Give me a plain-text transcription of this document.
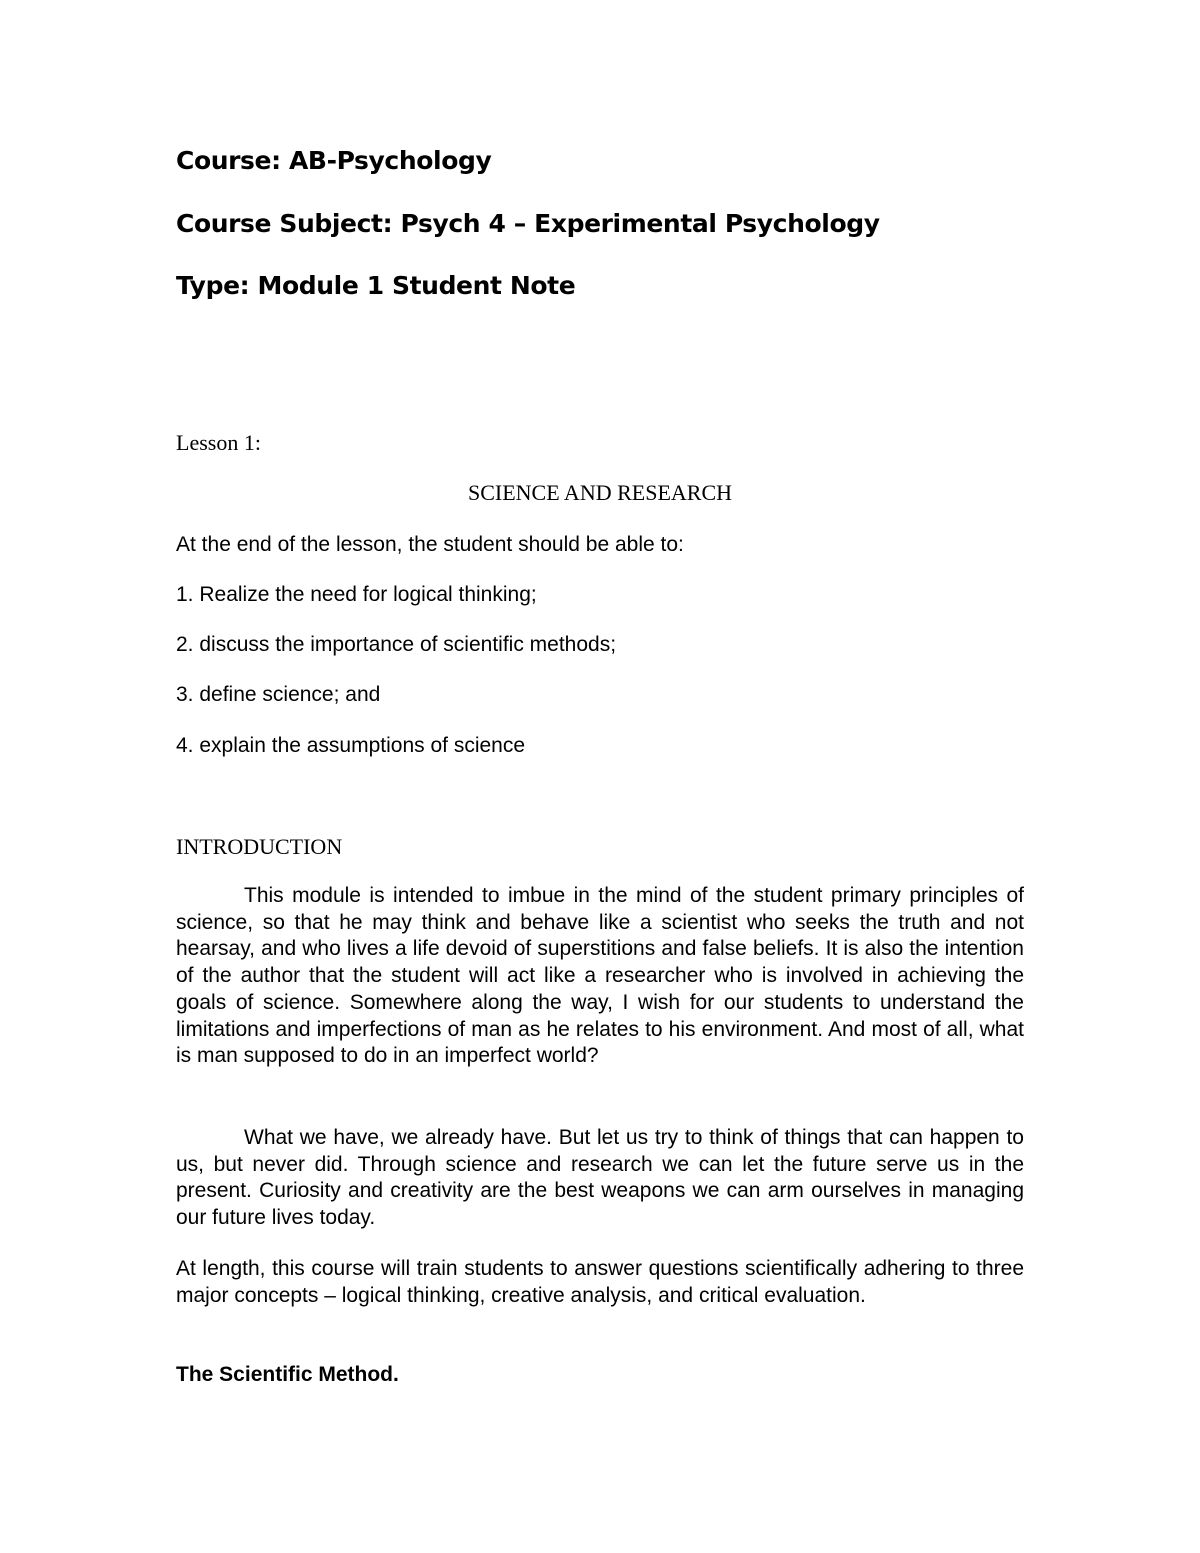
Course: AB-Psychology

Course Subject: Psych 4 – Experimental Psychology

Type: Module 1 Student Note

Lesson 1:

SCIENCE AND RESEARCH

At the end of the lesson, the student should be able to:

1. Realize the need for logical thinking;

2. discuss the importance of scientific methods;

3. define science; and

4. explain the assumptions of science

INTRODUCTION

This module is intended to imbue in the mind of the student primary principles of science, so that he may think and behave like a scientist who seeks the truth and not hearsay, and who lives a life devoid of superstitions and false beliefs. It is also the intention of the author that the student will act like a researcher who is involved in achieving the goals of science. Somewhere along the way, I wish for our students to understand the limitations and imperfections of man as he relates to his environment. And most of all, what is man supposed to do in an imperfect world?

What we have, we already have. But let us try to think of things that can happen to us, but never did. Through science and research we can let the future serve us in the present. Curiosity and creativity are the best weapons we can arm ourselves in managing our future lives today.

At length, this course will train students to answer questions scientifically adhering to three major concepts – logical thinking, creative analysis, and critical evaluation.

The Scientific Method.
